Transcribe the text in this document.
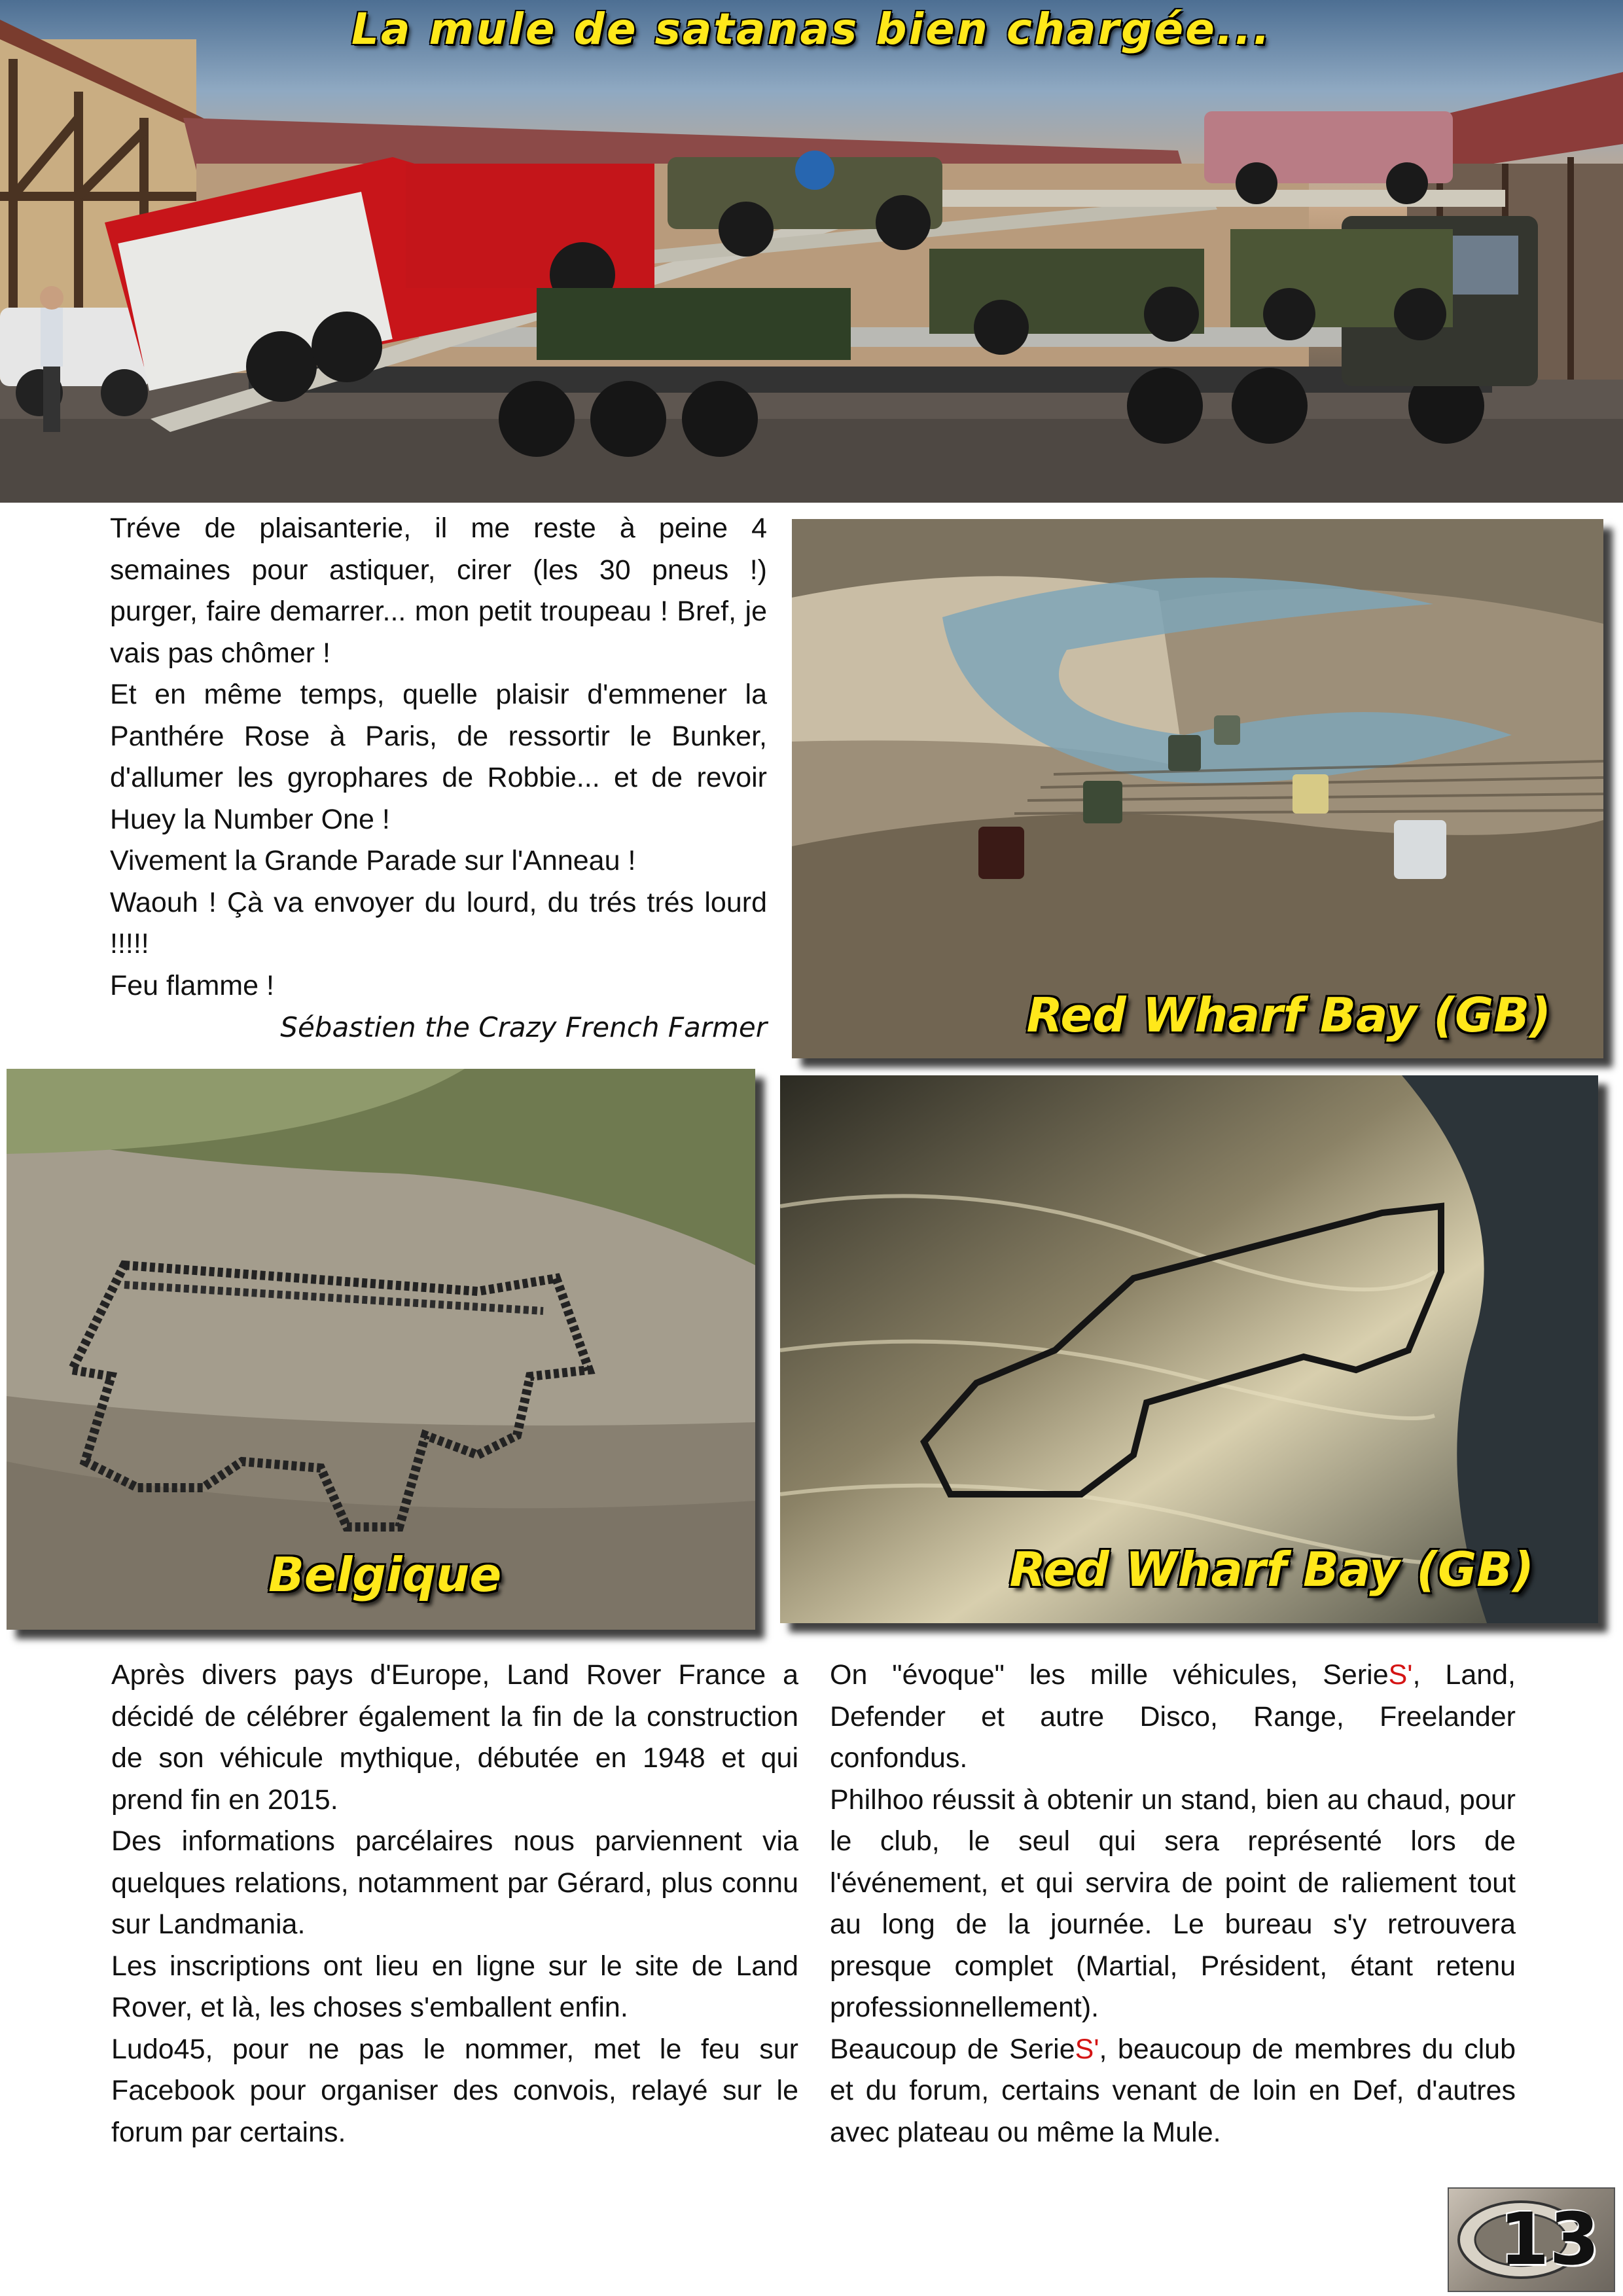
La mule de satanas bien chargée...

Tréve de plaisanterie, il me reste à peine 4 semaines pour astiquer, cirer (les 30 pneus !) purger, faire demarrer... mon petit troupeau ! Bref, je vais pas chômer !

Et en même temps, quelle plaisir d'emmener la Panthére Rose à Paris, de ressortir le Bunker, d'allumer les gyrophares de Robbie... et de revoir Huey la Number One !

Vivement la Grande Parade sur l'Anneau !

Waouh ! Çà va envoyer du lourd, du trés trés lourd !!!!!

Feu flamme !

Sébastien the Crazy French Farmer	Red Wharf Bay (GB)
Belgique	Red Wharf Bay (GB)

Après divers pays d'Europe, Land Rover France a décidé de célébrer également la fin de la construction de son véhicule mythique, débutée en 1948 et qui prend fin en 2015.

Des informations parcélaires nous parviennent via quelques relations, notamment par Gérard, plus connu sur Landmania.

Les inscriptions ont lieu en ligne sur le site de Land Rover, et là, les choses s'emballent enfin.

Ludo45, pour ne pas le nommer, met le feu sur Facebook pour organiser des convois, relayé sur le forum par certains.

On "évoque" les mille véhicules, SerieS', Land, Defender et autre Disco, Range, Freelander confondus.

Philhoo réussit à obtenir un stand, bien au chaud, pour le club, le seul qui sera représenté lors de l'événement, et qui servira de point de raliement tout au long de la journée. Le bureau s'y retrouvera presque complet (Martial, Président, étant retenu professionnellement).

Beaucoup de SerieS', beaucoup de membres du club et du forum, certains venant de loin en Def, d'autres avec plateau ou même la Mule.

13
